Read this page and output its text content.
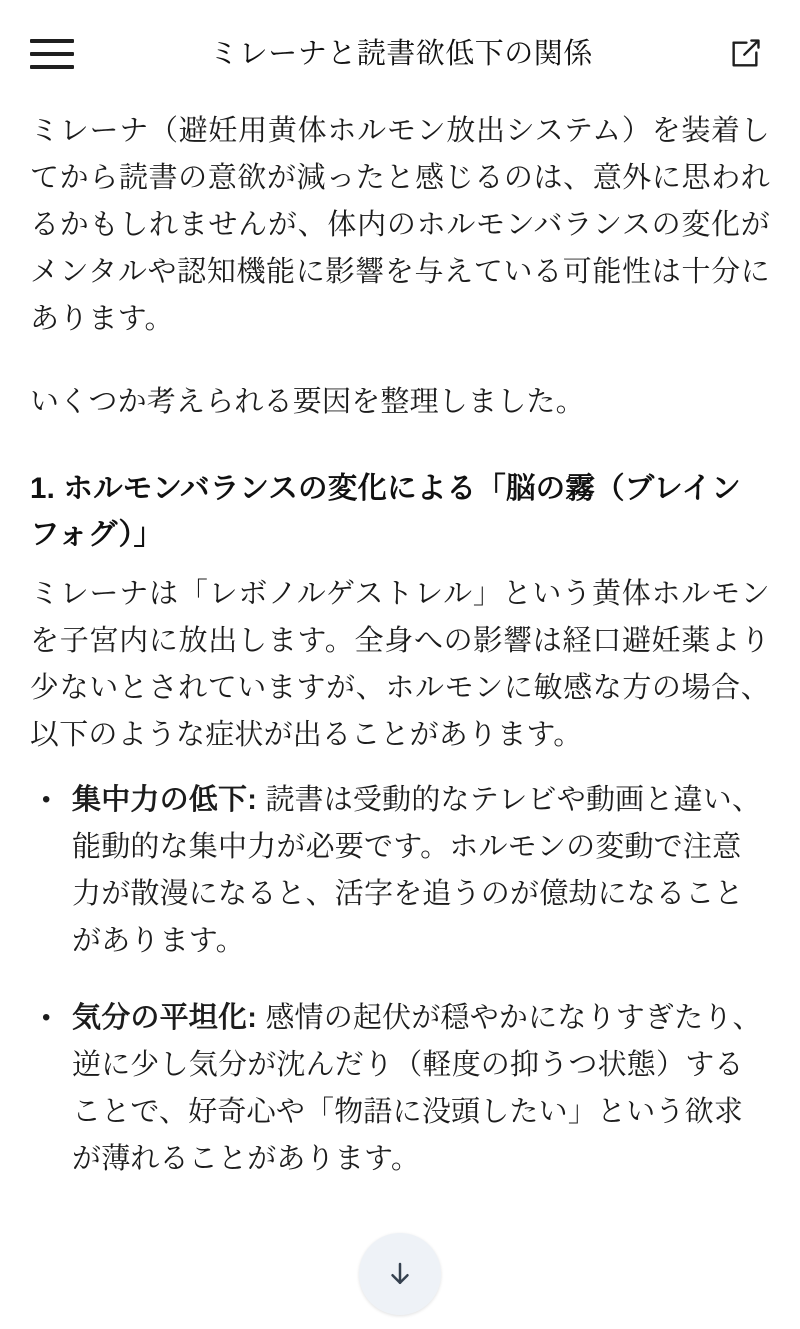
ミレーナと読書欲低下の関係

ミレーナ（避妊用黄体ホルモン放出システム）を装着してから読書の意欲が減ったと感じるのは、意外に思われるかもしれませんが、体内のホルモンバランスの変化がメンタルや認知機能に影響を与えている可能性は十分にあります。

いくつか考えられる要因を整理しました。

1. ホルモンバランスの変化による「脳の霧（ブレインフォグ）」

ミレーナは「レボノルゲストレル」という黄体ホルモンを子宮内に放出します。全身への影響は経口避妊薬より少ないとされていますが、ホルモンに敏感な方の場合、以下のような症状が出ることがあります。

• 集中力の低下: 読書は受動的なテレビや動画と違い、能動的な集中力が必要です。ホルモンの変動で注意力が散漫になると、活字を追うのが億劫になることがあります。
• 気分の平坦化: 感情の起伏が穏やかになりすぎたり、逆に少し気分が沈んだり（軽度の抑うつ状態）することで、好奇心や「物語に没頭したい」という欲求が薄れることがあります。
